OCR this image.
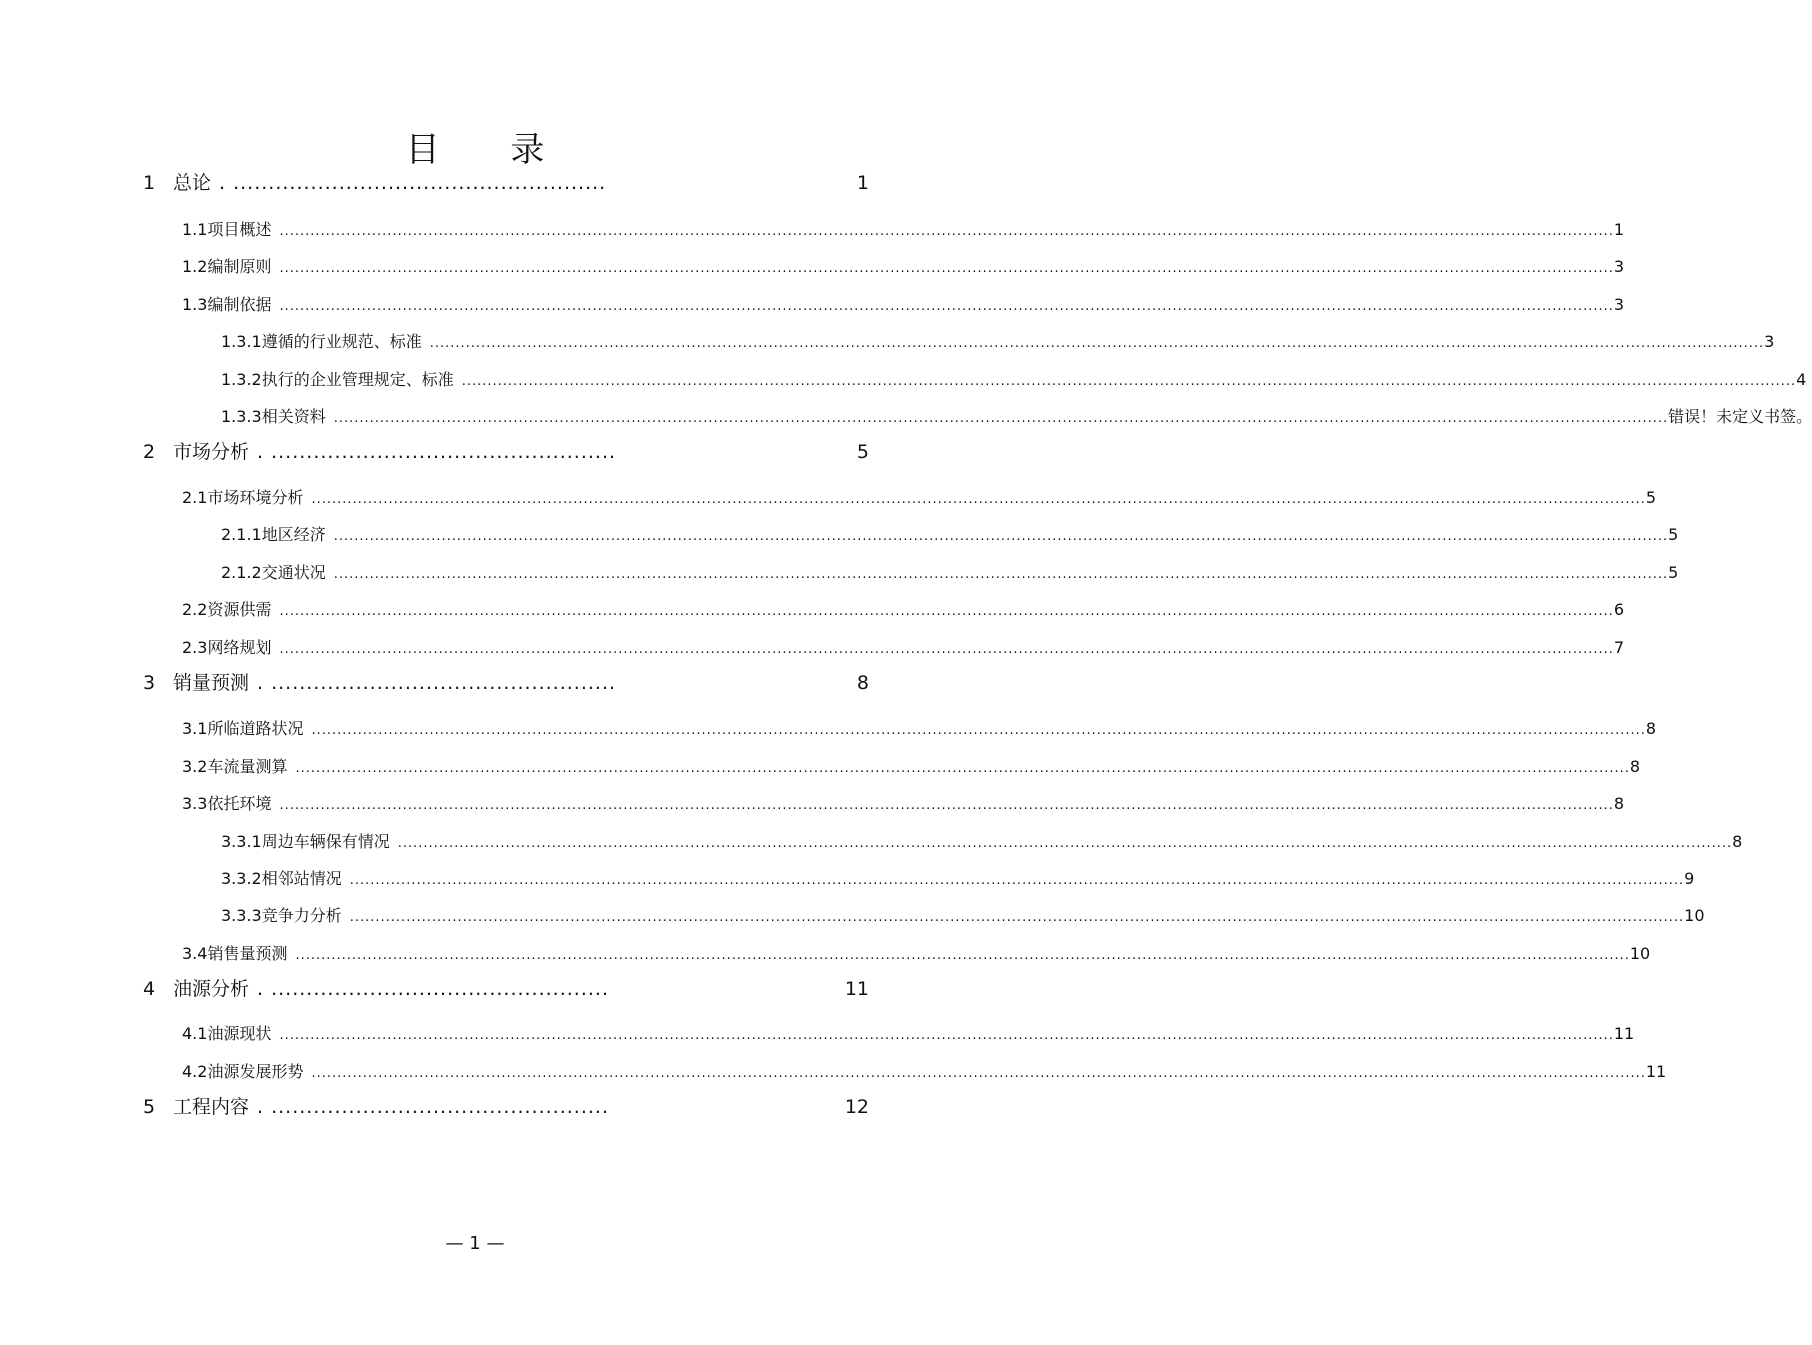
目 录
1 总论 . .....................................................	1
1.1 项目概述 .................................................................................................................................................................................................................................................................... 1
1.2 编制原则 .................................................................................................................................................................................................................................................................... 3
1.3 编制依据 .................................................................................................................................................................................................................................................................... 3
1.3.1 遵循的行业规范、标准 .................................................................................................................................................................................................................................................................... 3
1.3.2 执行的企业管理规定、标准 .................................................................................................................................................................................................................................................................... 4
1.3.3 相关资料 .................................................................................................................................................................................................................................................................... 错误！未定义书签。
2 市场分析 . .................................................	5
2.1 市场环境分析 .................................................................................................................................................................................................................................................................... 5
2.1.1 地区经济 .................................................................................................................................................................................................................................................................... 5
2.1.2 交通状况 .................................................................................................................................................................................................................................................................... 5
2.2 资源供需 .................................................................................................................................................................................................................................................................... 6
2.3 网络规划 .................................................................................................................................................................................................................................................................... 7
3 销量预测 . .................................................	8
3.1 所临道路状况 .................................................................................................................................................................................................................................................................... 8
3.2 车流量测算 .................................................................................................................................................................................................................................................................... 8
3.3 依托环境 .................................................................................................................................................................................................................................................................... 8
3.3.1 周边车辆保有情况 .................................................................................................................................................................................................................................................................... 8
3.3.2 相邻站情况 .................................................................................................................................................................................................................................................................... 9
3.3.3 竞争力分析 .................................................................................................................................................................................................................................................................... 10
3.4 销售量预测 .................................................................................................................................................................................................................................................................... 10
4 油源分析 . ................................................	11
4.1 油源现状 .................................................................................................................................................................................................................................................................... 11
4.2 油源发展形势 .................................................................................................................................................................................................................................................................... 11
5 工程内容 . ................................................	12
— 1 —
